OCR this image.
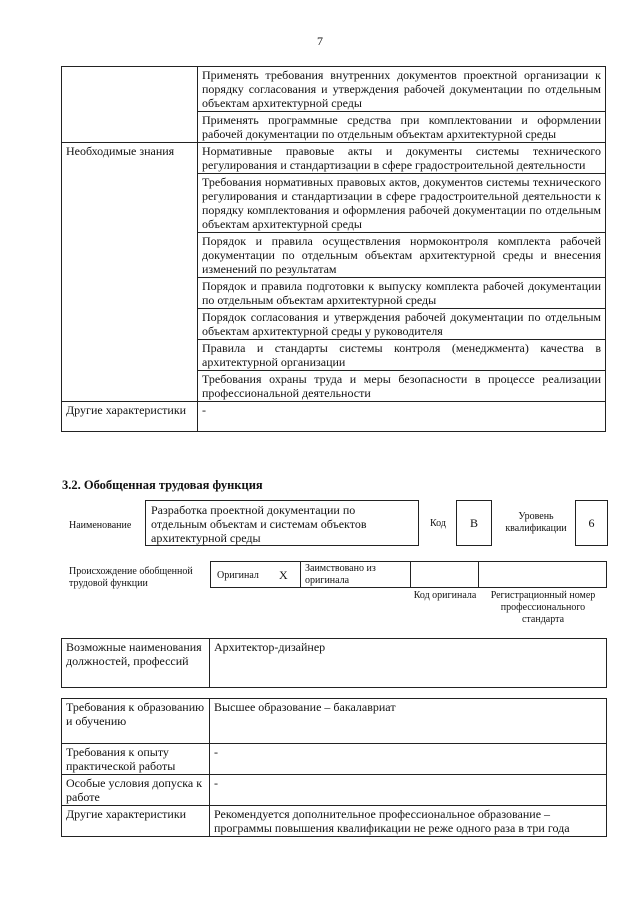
7
	Применять требования внутренних документов проектной организации к порядку согласования и утверждения рабочей документации по отдельным объектам архитектурной среды
	Применять программные средства при комплектовании и оформлении рабочей документации по отдельным объектам архитектурной среды
Необходимые знания	Нормативные правовые акты и документы системы технического регулирования и стандартизации в сфере градостроительной деятельности
	Требования нормативных правовых актов, документов системы технического регулирования и стандартизации в сфере градостроительной деятельности к порядку комплектования и оформления рабочей документации по отдельным объектам архитектурной среды
	Порядок и правила осуществления нормоконтроля комплекта рабочей документации по отдельным объектам архитектурной среды и внесения изменений по результатам
	Порядок и правила подготовки к выпуску комплекта рабочей документации по отдельным объектам архитектурной среды
	Порядок согласования и утверждения рабочей документации по отдельным объектам архитектурной среды у руководителя
	Правила и стандарты системы контроля (менеджмента) качества в архитектурной организации
	Требования охраны труда и меры безопасности в процессе реализации профессиональной деятельности
Другие характеристики	-
3.2. Обобщенная трудовая функция
Наименование
Разработка проектной документации по отдельным объектам и системам объектов архитектурной среды
Код	B	Уровень квалификации	6
Происхождение обобщенной трудовой функции
Оригинал X Заимствовано из оригинала
Код оригинала	Регистрационный номер профессионального стандарта
Возможные наименования должностей, профессий	Архитектор-дизайнер
Требования к образованию и обучению	Высшее образование – бакалавриат
Требования к опыту практической работы	-
Особые условия допуска к работе	-
Другие характеристики	Рекомендуется дополнительное профессиональное образование – программы повышения квалификации не реже одного раза в три года
